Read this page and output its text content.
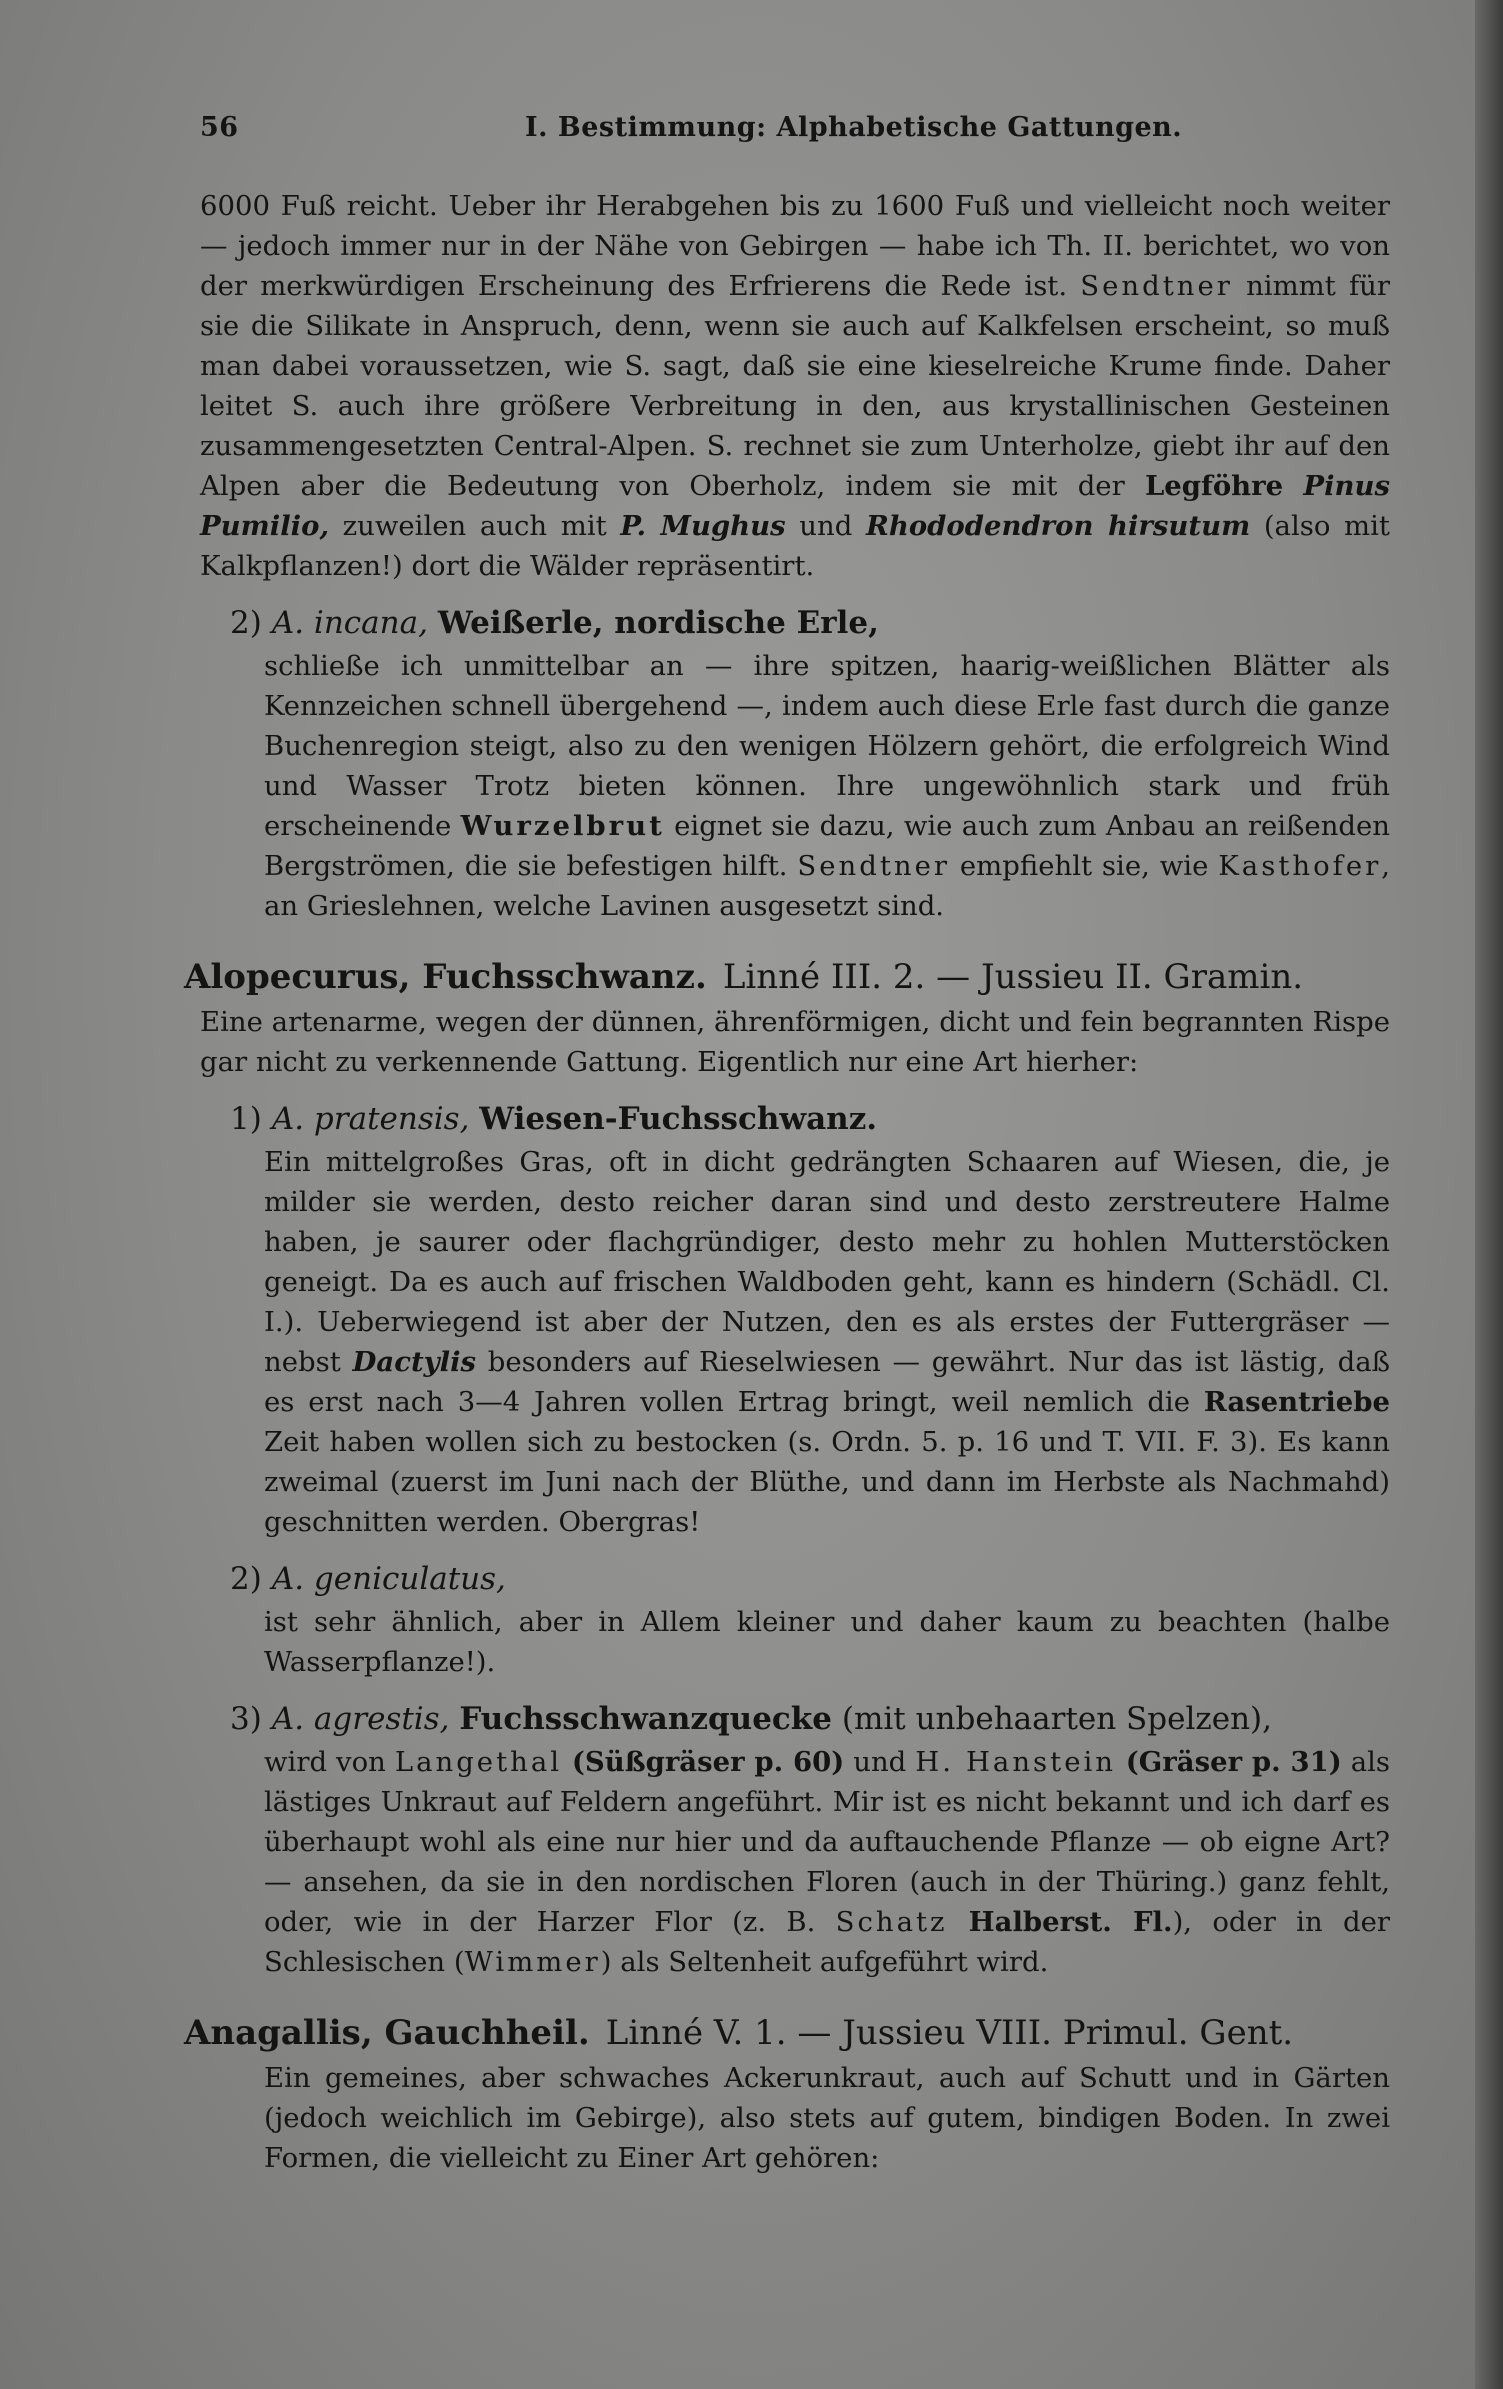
56	I. Bestimmung: Alphabetische Gattungen.

6000 Fuß reicht. Ueber ihr Herabgehen bis zu 1600 Fuß und vielleicht noch weiter — jedoch immer nur in der Nähe von Gebirgen — habe ich Th. II. berichtet, wo von der merkwürdigen Erscheinung des Erfrierens die Rede ist. Sendtner nimmt für sie die Silikate in Anspruch, denn, wenn sie auch auf Kalkfelsen erscheint, so muß man dabei voraussetzen, wie S. sagt, daß sie eine kieselreiche Krume finde. Daher leitet S. auch ihre größere Verbreitung in den, aus krystallinischen Gesteinen zusammengesetzten Central-Alpen. S. rechnet sie zum Unterholze, giebt ihr auf den Alpen aber die Bedeutung von Oberholz, indem sie mit der Legföhre Pinus Pumilio, zuweilen auch mit P. Mughus und Rhododendron hirsutum (also mit Kalkpflanzen!) dort die Wälder repräsentirt.

2) A. incana, Weißerle, nordische Erle,

schließe ich unmittelbar an — ihre spitzen, haarig-weißlichen Blätter als Kennzeichen schnell übergehend —, indem auch diese Erle fast durch die ganze Buchenregion steigt, also zu den wenigen Hölzern gehört, die erfolgreich Wind und Wasser Trotz bieten können. Ihre ungewöhnlich stark und früh erscheinende Wurzelbrut eignet sie dazu, wie auch zum Anbau an reißenden Bergströmen, die sie befestigen hilft. Sendtner empfiehlt sie, wie Kasthofer, an Grieslehnen, welche Lavinen ausgesetzt sind.

Alopecurus, Fuchsschwanz. Linné III. 2. — Jussieu II. Gramin.

Eine artenarme, wegen der dünnen, ährenförmigen, dicht und fein begrannten Rispe gar nicht zu verkennende Gattung. Eigentlich nur eine Art hierher:

1) A. pratensis, Wiesen-Fuchsschwanz.

Ein mittelgroßes Gras, oft in dicht gedrängten Schaaren auf Wiesen, die, je milder sie werden, desto reicher daran sind und desto zerstreutere Halme haben, je saurer oder flachgründiger, desto mehr zu hohlen Mutterstöcken geneigt. Da es auch auf frischen Waldboden geht, kann es hindern (Schädl. Cl. I.). Ueberwiegend ist aber der Nutzen, den es als erstes der Futtergräser — nebst Dactylis besonders auf Rieselwiesen — gewährt. Nur das ist lästig, daß es erst nach 3—4 Jahren vollen Ertrag bringt, weil nemlich die Rasentriebe Zeit haben wollen sich zu bestocken (s. Ordn. 5. p. 16 und T. VII. F. 3). Es kann zweimal (zuerst im Juni nach der Blüthe, und dann im Herbste als Nachmahd) geschnitten werden. Obergras!

2) A. geniculatus,

ist sehr ähnlich, aber in Allem kleiner und daher kaum zu beachten (halbe Wasserpflanze!).

3) A. agrestis, Fuchsschwanzquecke (mit unbehaarten Spelzen),

wird von Langethal (Süßgräser p. 60) und H. Hanstein (Gräser p. 31) als lästiges Unkraut auf Feldern angeführt. Mir ist es nicht bekannt und ich darf es überhaupt wohl als eine nur hier und da auftauchende Pflanze — ob eigne Art? — ansehen, da sie in den nordischen Floren (auch in der Thüring.) ganz fehlt, oder, wie in der Harzer Flor (z. B. Schatz Halberst. Fl.), oder in der Schlesischen (Wimmer) als Seltenheit aufgeführt wird.

Anagallis, Gauchheil. Linné V. 1. — Jussieu VIII. Primul. Gent.

Ein gemeines, aber schwaches Ackerunkraut, auch auf Schutt und in Gärten (jedoch weichlich im Gebirge), also stets auf gutem, bindigen Boden. In zwei Formen, die vielleicht zu Einer Art gehören:
